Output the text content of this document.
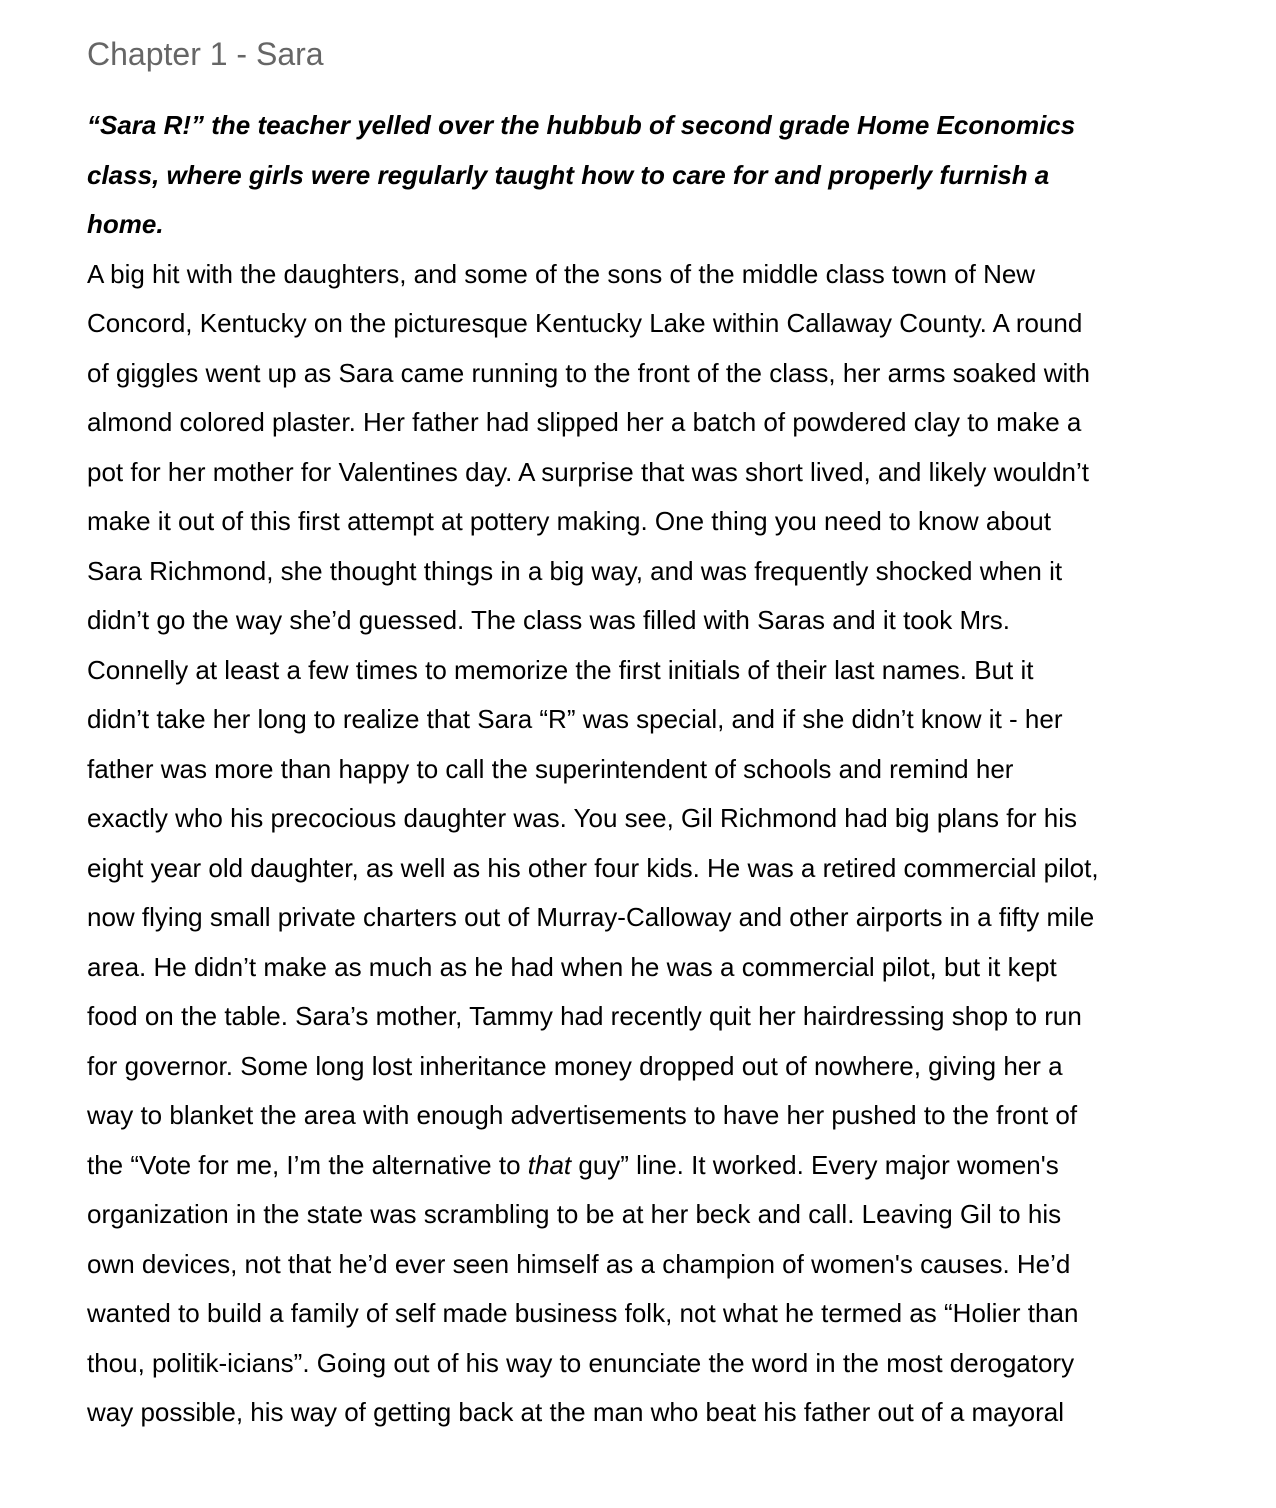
Chapter 1 - Sara
“Sara R!” the teacher yelled over the hubbub of second grade Home Economics
class, where girls were regularly taught how to care for and properly furnish a
home.
A big hit with the daughters, and some of the sons of the middle class town of New
Concord, Kentucky on the picturesque Kentucky Lake within Callaway County. A round
of giggles went up as Sara came running to the front of the class, her arms soaked with
almond colored plaster. Her father had slipped her a batch of powdered clay to make a
pot for her mother for Valentines day. A surprise that was short lived, and likely wouldn’t
make it out of this first attempt at pottery making. One thing you need to know about
Sara Richmond, she thought things in a big way, and was frequently shocked when it
didn’t go the way she’d guessed. The class was filled with Saras and it took Mrs.
Connelly at least a few times to memorize the first initials of their last names. But it
didn’t take her long to realize that Sara “R” was special, and if she didn’t know it - her
father was more than happy to call the superintendent of schools and remind her
exactly who his precocious daughter was. You see, Gil Richmond had big plans for his
eight year old daughter, as well as his other four kids. He was a retired commercial pilot,
now flying small private charters out of Murray-Calloway and other airports in a fifty mile
area. He didn’t make as much as he had when he was a commercial pilot, but it kept
food on the table. Sara’s mother, Tammy had recently quit her hairdressing shop to run
for governor. Some long lost inheritance money dropped out of nowhere, giving her a
way to blanket the area with enough advertisements to have her pushed to the front of
the “Vote for me, I’m the alternative to that guy” line. It worked. Every major women's
organization in the state was scrambling to be at her beck and call. Leaving Gil to his
own devices, not that he’d ever seen himself as a champion of women's causes. He’d
wanted to build a family of self made business folk, not what he termed as “Holier than
thou, politik-icians”. Going out of his way to enunciate the word in the most derogatory
way possible, his way of getting back at the man who beat his father out of a mayoral
